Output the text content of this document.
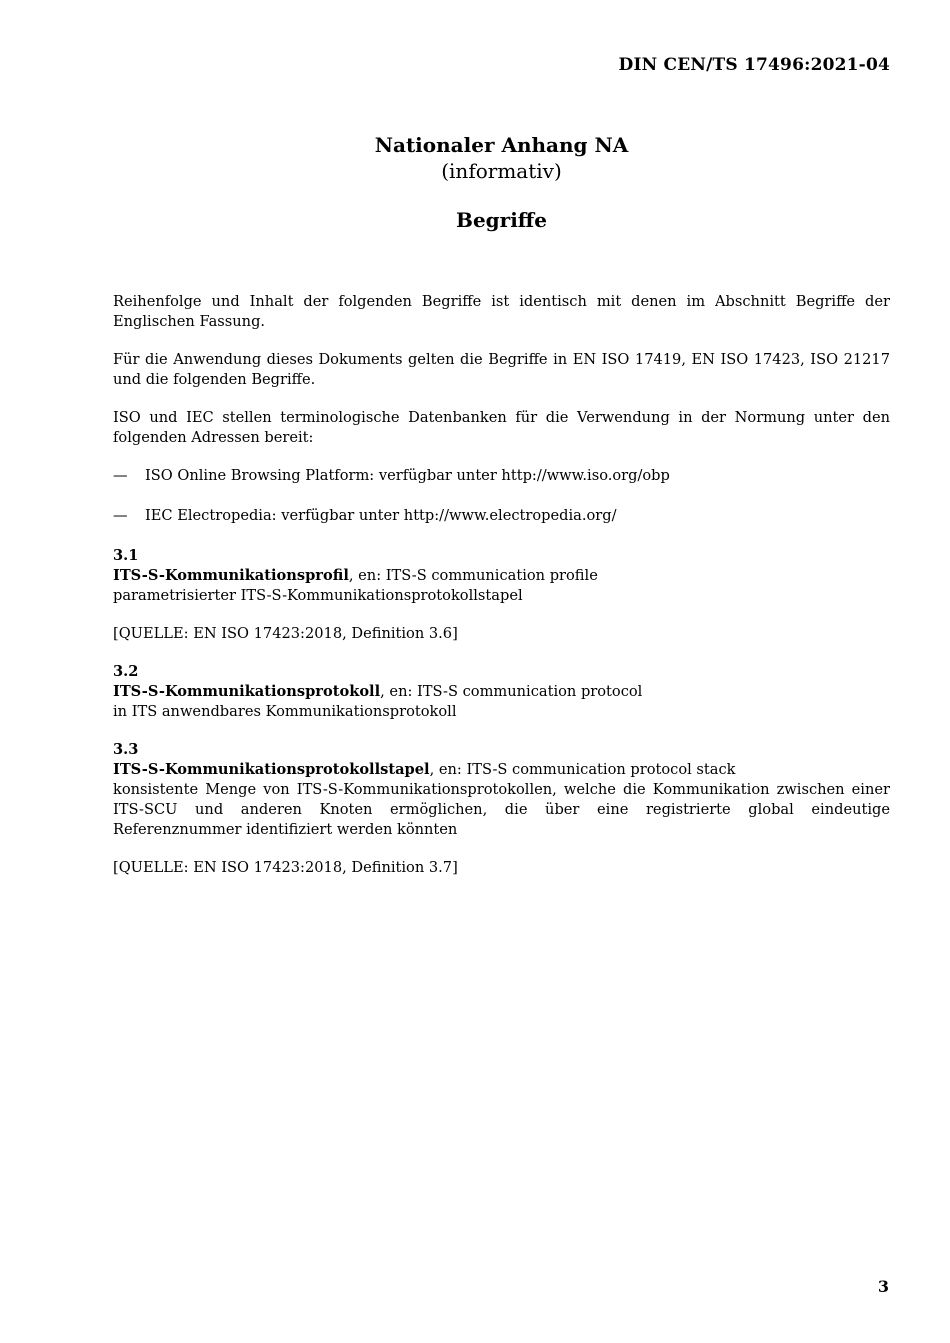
DIN CEN/TS 17496:2021-04
Nationaler Anhang NA
(informativ)
Begriffe

Reihenfolge und Inhalt der folgenden Begriffe ist identisch mit denen im Abschnitt Begriffe der Englischen Fassung.

Für die Anwendung dieses Dokuments gelten die Begriffe in EN ISO 17419, EN ISO 17423, ISO 21217 und die folgenden Begriffe.

ISO und IEC stellen terminologische Datenbanken für die Verwendung in der Normung unter den folgenden Adressen bereit:

—	ISO Online Browsing Platform: verfügbar unter http://www.iso.org/obp
—	IEC Electropedia: verfügbar unter http://www.electropedia.org/
3.1
ITS-S-Kommunikationsprofil, en: ITS-S communication profile
parametrisierter ITS-S-Kommunikationsprotokollstapel
[QUELLE: EN ISO 17423:2018, Definition 3.6]
3.2
ITS-S-Kommunikationsprotokoll, en: ITS-S communication protocol
in ITS anwendbares Kommunikationsprotokoll
3.3
ITS-S-Kommunikationsprotokollstapel, en: ITS-S communication protocol stack
konsistente Menge von ITS-S-Kommunikationsprotokollen, welche die Kommunikation zwischen einer ITS-SCU und anderen Knoten ermöglichen, die über eine registrierte global eindeutige Referenznummer identifiziert werden könnten
[QUELLE: EN ISO 17423:2018, Definition 3.7]
3
